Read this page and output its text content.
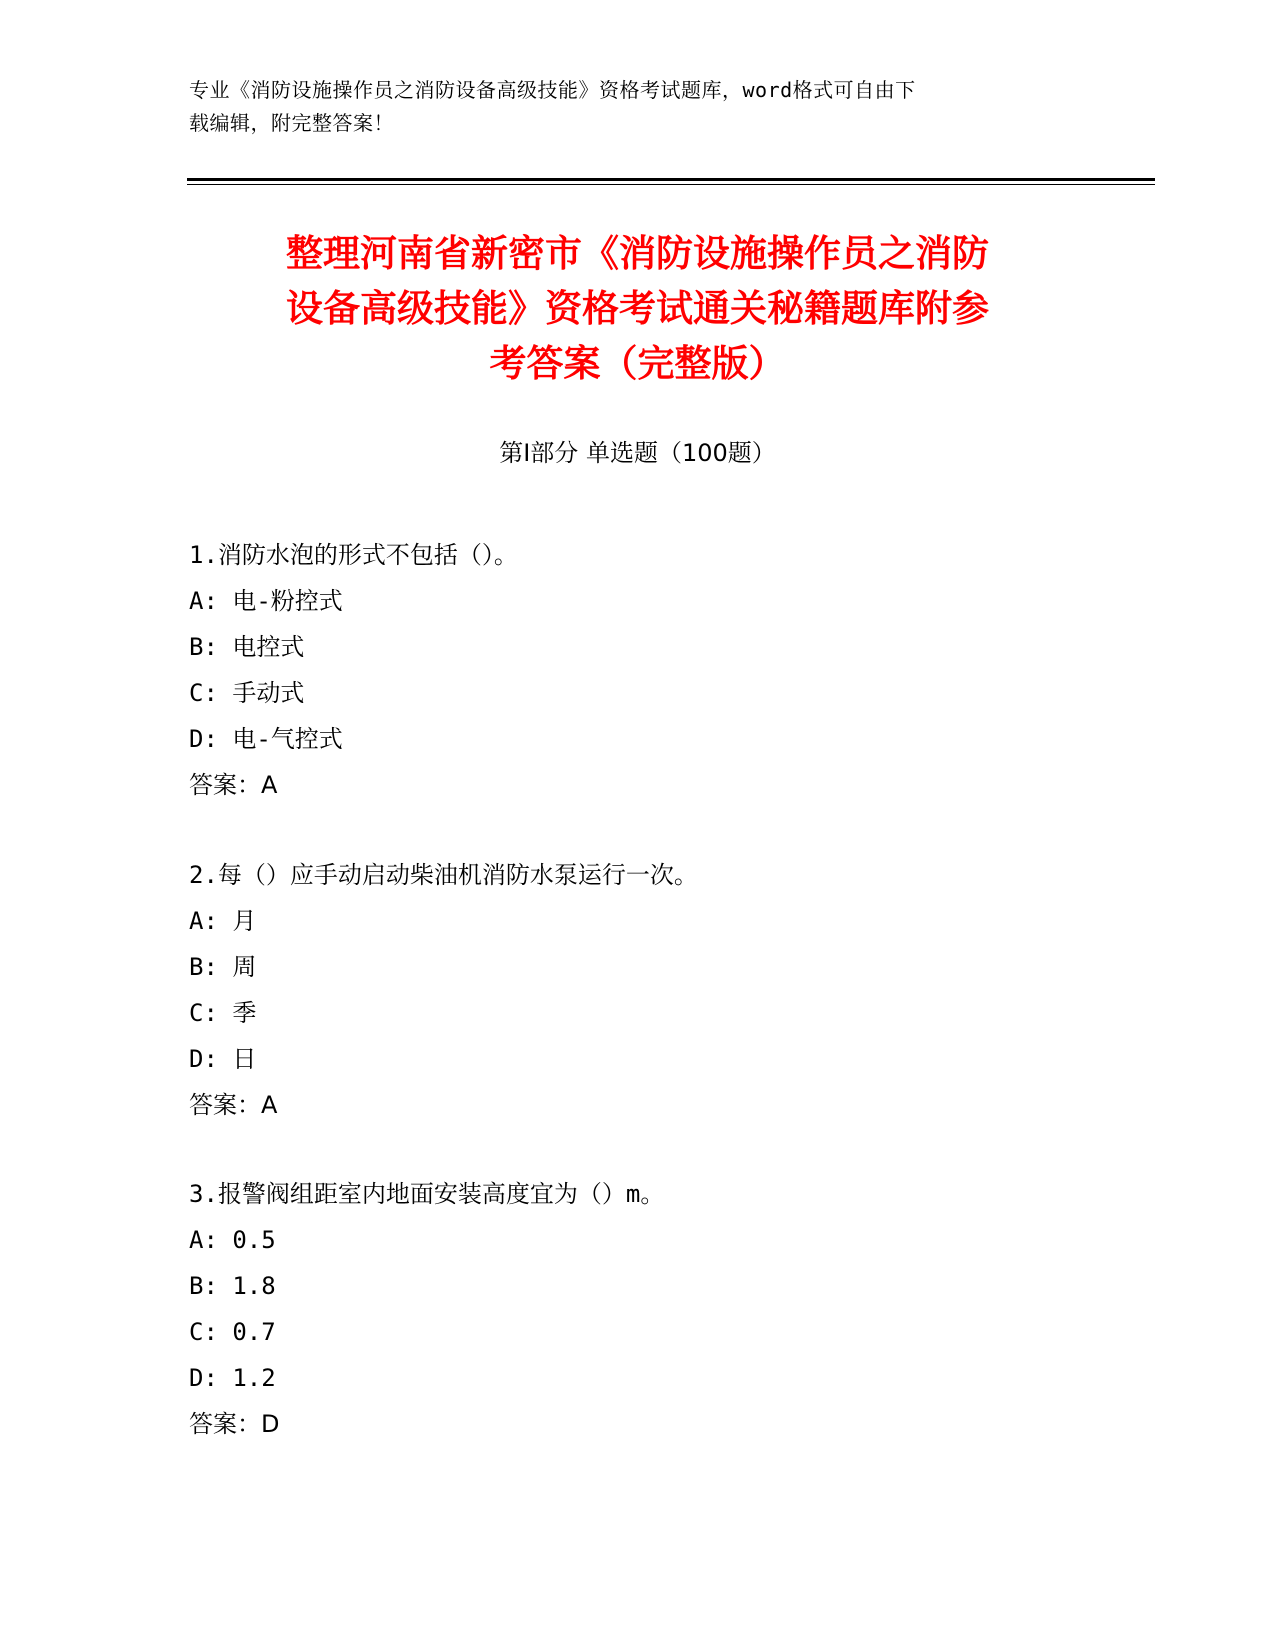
专业《消防设施操作员之消防设备高级技能》资格考试题库，word格式可自由下
载编辑，附完整答案！
整理河南省新密市《消防设施操作员之消防
设备高级技能》资格考试通关秘籍题库附参
考答案（完整版）
第Ⅰ部分 单选题（100题）
1.消防水泡的形式不包括（）。
A: 电-粉控式
B: 电控式
C: 手动式
D: 电-气控式
答案：A
2.每（）应手动启动柴油机消防水泵运行一次。
A: 月
B: 周
C: 季
D: 日
答案：A
3.报警阀组距室内地面安装高度宜为（）m。
A: 0.5
B: 1.8
C: 0.7
D: 1.2
答案：D
